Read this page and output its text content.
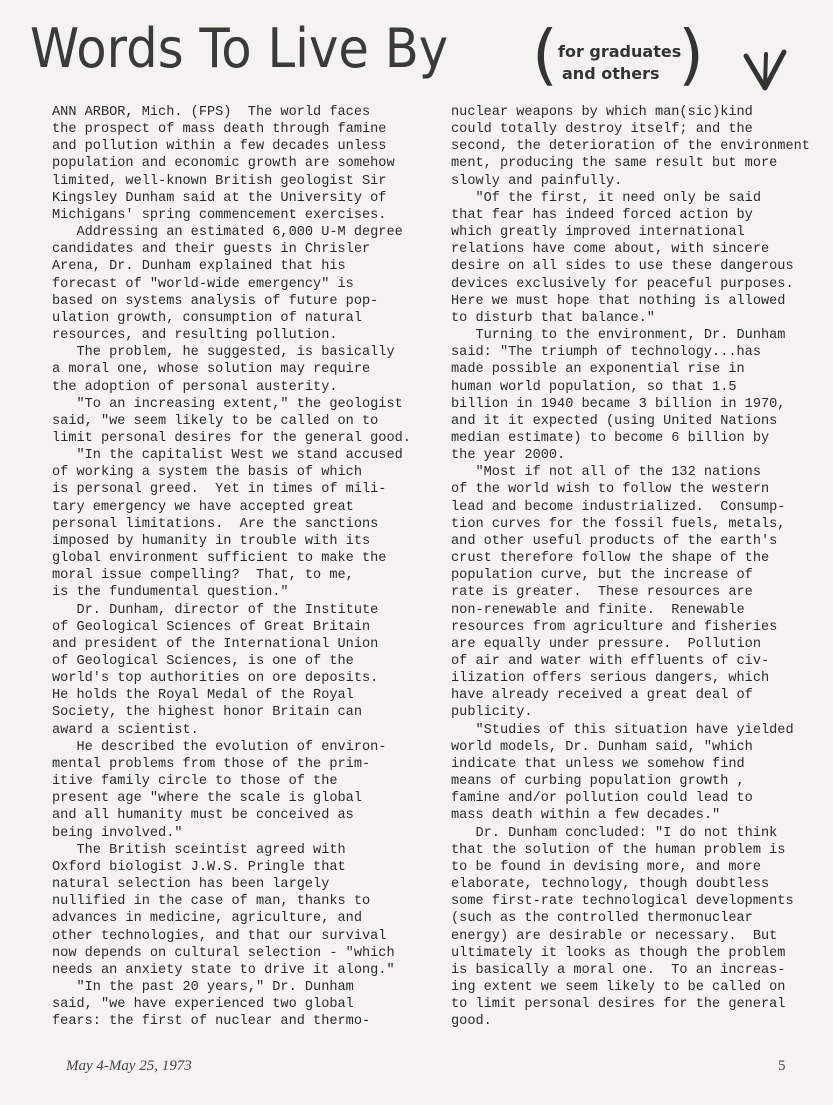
Words To Live By ( for graduates
and others )

ANN ARBOR, Mich. (FPS)  The world faces

the prospect of mass death through famine

and pollution within a few decades unless

population and economic growth are somehow

limited, well-known British geologist Sir

Kingsley Dunham said at the University of

Michigans' spring commencement exercises.

Addressing an estimated 6,000 U-M degree

candidates and their guests in Chrisler

Arena, Dr. Dunham explained that his

forecast of "world-wide emergency" is

based on systems analysis of future pop-

ulation growth, consumption of natural

resources, and resulting pollution.

The problem, he suggested, is basically

a moral one, whose solution may require

the adoption of personal austerity.

"To an increasing extent," the geologist

said, "we seem likely to be called on to

limit personal desires for the general good.

"In the capitalist West we stand accused

of working a system the basis of which

is personal greed.  Yet in times of mili-

tary emergency we have accepted great

personal limitations.  Are the sanctions

imposed by humanity in trouble with its

global environment sufficient to make the

moral issue compelling?  That, to me,

is the fundumental question."

Dr. Dunham, director of the Institute

of Geological Sciences of Great Britain

and president of the International Union

of Geological Sciences, is one of the

world's top authorities on ore deposits.

He holds the Royal Medal of the Royal

Society, the highest honor Britain can

award a scientist.

He described the evolution of environ-

mental problems from those of the prim-

itive family circle to those of the

present age "where the scale is global

and all humanity must be conceived as

being involved."

The British sceintist agreed with

Oxford biologist J.W.S. Pringle that

natural selection has been largely

nullified in the case of man, thanks to

advances in medicine, agriculture, and

other technologies, and that our survival

now depends on cultural selection - "which

needs an anxiety state to drive it along."

"In the past 20 years," Dr. Dunham

said, "we have experienced two global

fears: the first of nuclear and thermo-

nuclear weapons by which man(sic)kind

could totally destroy itself; and the

second, the deterioration of the environment

ment, producing the same result but more

slowly and painfully.

"Of the first, it need only be said

that fear has indeed forced action by

which greatly improved international

relations have come about, with sincere

desire on all sides to use these dangerous

devices exclusively for peaceful purposes.

Here we must hope that nothing is allowed

to disturb that balance."

Turning to the environment, Dr. Dunham

said: "The triumph of technology...has

made possible an exponential rise in

human world population, so that 1.5

billion in 1940 became 3 billion in 1970,

and it it expected (using United Nations

median estimate) to become 6 billion by

the year 2000.

"Most if not all of the 132 nations

of the world wish to follow the western

lead and become industrialized.  Consump-

tion curves for the fossil fuels, metals,

and other useful products of the earth's

crust therefore follow the shape of the

population curve, but the increase of

rate is greater.  These resources are

non-renewable and finite.  Renewable

resources from agriculture and fisheries

are equally under pressure.  Pollution

of air and water with effluents of civ-

ilization offers serious dangers, which

have already received a great deal of

publicity.

"Studies of this situation have yielded

world models, Dr. Dunham said, "which

indicate that unless we somehow find

means of curbing population growth ,

famine and/or pollution could lead to

mass death within a few decades."

Dr. Dunham concluded: "I do not think

that the solution of the human problem is

to be found in devising more, and more

elaborate, technology, though doubtless

some first-rate technological developments

(such as the controlled thermonuclear

energy) are desirable or necessary.  But

ultimately it looks as though the problem

is basically a moral one.  To an increas-

ing extent we seem likely to be called on

to limit personal desires for the general

good.

May 4-May 25, 1973	5
